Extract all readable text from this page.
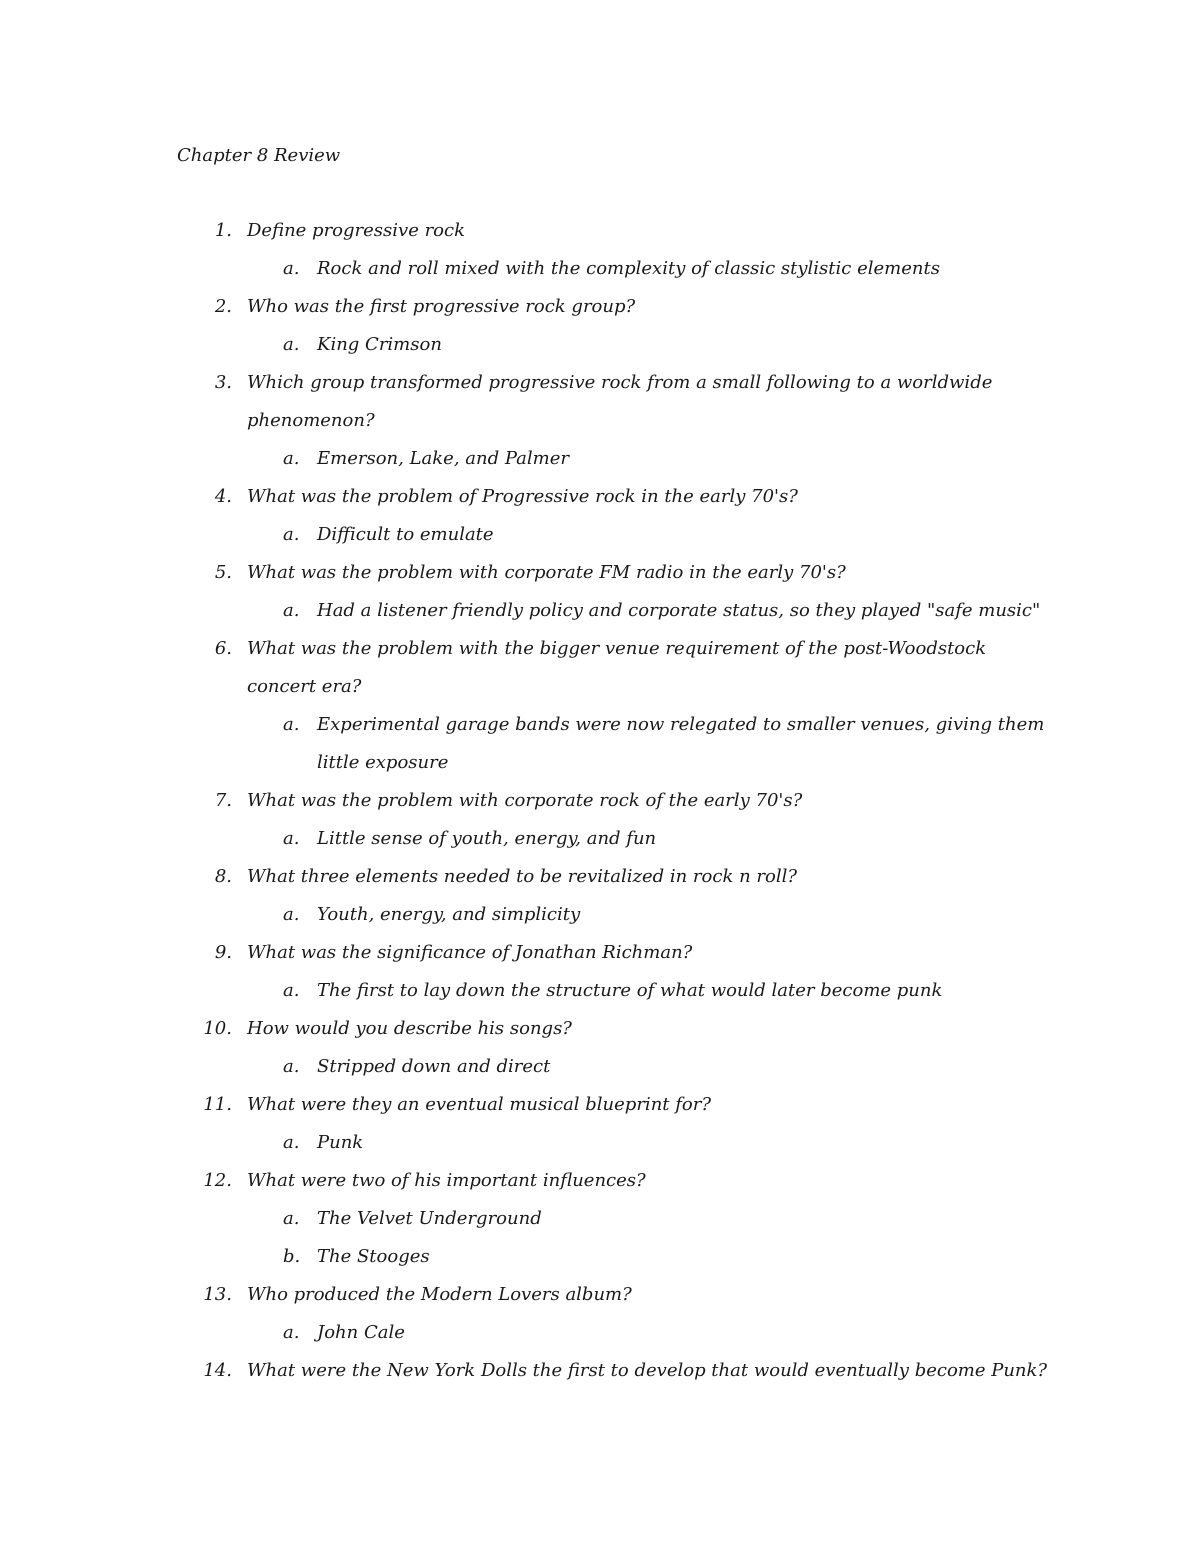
Chapter 8 Review
1. Define progressive rock
a. Rock and roll mixed with the complexity of classic stylistic elements
2. Who was the first progressive rock group?
a. King Crimson
3. Which group transformed progressive rock from a small following to a worldwide
phenomenon?
a. Emerson, Lake, and Palmer
4. What was the problem of Progressive rock in the early 70's?
a. Difficult to emulate
5. What was the problem with corporate FM radio in the early 70's?
a. Had a listener friendly policy and corporate status, so they played "safe music"
6. What was the problem with the bigger venue requirement of the post-Woodstock
concert era?
a. Experimental garage bands were now relegated to smaller venues, giving them
little exposure
7. What was the problem with corporate rock of the early 70's?
a. Little sense of youth, energy, and fun
8. What three elements needed to be revitalized in rock n roll?
a. Youth, energy, and simplicity
9. What was the significance of Jonathan Richman?
a. The first to lay down the structure of what would later become punk
10. How would you describe his songs?
a. Stripped down and direct
11. What were they an eventual musical blueprint for?
a. Punk
12. What were two of his important influences?
a. The Velvet Underground
b. The Stooges
13. Who produced the Modern Lovers album?
a. John Cale
14. What were the New York Dolls the first to develop that would eventually become Punk?
